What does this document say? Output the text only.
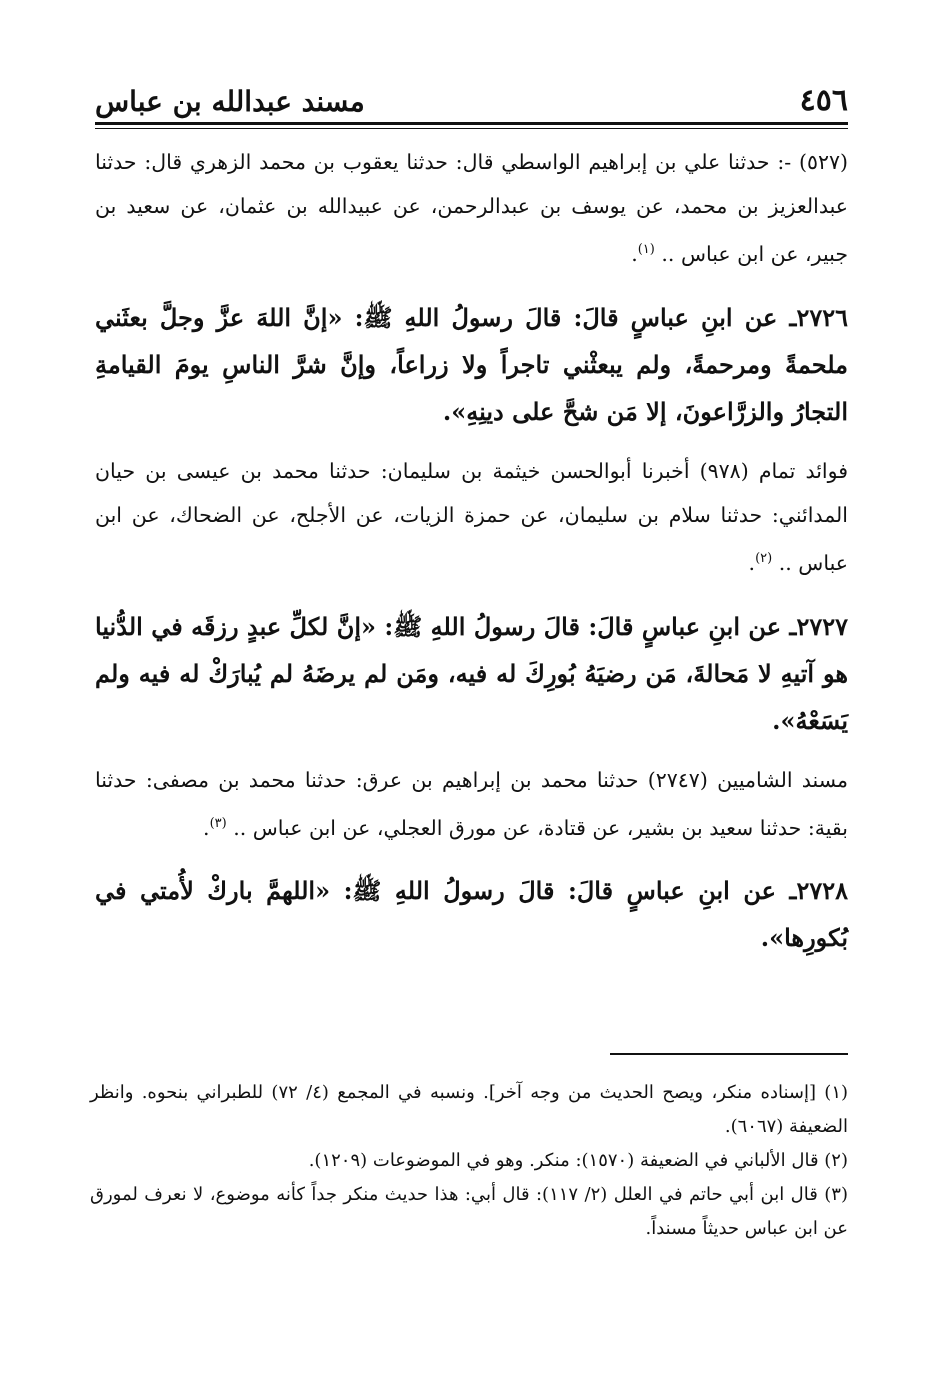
٤٥٦
مسند عبدالله بن عباس

(٥٢٧) -: حدثنا علي بن إبراهيم الواسطي قال: حدثنا يعقوب بن محمد الزهري قال: حدثنا عبدالعزيز بن محمد، عن يوسف بن عبدالرحمن، عن عبيدالله بن عثمان، عن سعيد بن جبير، عن ابن عباس .. $^{(١)}$.

٢٧٢٦ـ عن ابنِ عباسٍ قالَ: قالَ رسولُ اللهِ ﷺ: «إنَّ اللهَ عزَّ وجلَّ بعثَني ملحمةً ومرحمةً، ولم يبعثْني تاجراً ولا زراعاً، وإنَّ شرَّ الناسِ يومَ القيامةِ التجارُ والزرَّاعونَ، إلا مَن شحَّ على دينِهِ».

فوائد تمام (٩٧٨) أخبرنا أبوالحسن خيثمة بن سليمان: حدثنا محمد بن عيسى بن حيان المدائني: حدثنا سلام بن سليمان، عن حمزة الزيات، عن الأجلح، عن الضحاك، عن ابن عباس .. $^{(٢)}$.

٢٧٢٧ـ عن ابنِ عباسٍ قالَ: قالَ رسولُ اللهِ ﷺ: «إنَّ لكلِّ عبدٍ رزقَه في الدُّنيا هو آتيهِ لا مَحالةَ، مَن رضيَهُ بُورِكَ له فيه، ومَن لم يرضَهُ لم يُبارَكْ له فيه ولم يَسَعْهُ».

مسند الشاميين (٢٧٤٧) حدثنا محمد بن إبراهيم بن عرق: حدثنا محمد بن مصفى: حدثنا بقية: حدثنا سعيد بن بشير، عن قتادة، عن مورق العجلي، عن ابن عباس .. $^{(٣)}$.

٢٧٢٨ـ عن ابنِ عباسٍ قالَ: قالَ رسولُ اللهِ ﷺ: «اللهمَّ باركْ لأُمتي في بُكورِها».

(١) [إسناده منكر، ويصح الحديث من وجه آخر]. ونسبه في المجمع (٤/ ٧٢) للطبراني بنحوه. وانظر الضعيفة (٦٠٦٧).

(٢) قال الألباني في الضعيفة (١٥٧٠): منكر. وهو في الموضوعات (١٢٠٩).

(٣) قال ابن أبي حاتم في العلل (٢/ ١١٧): قال أبي: هذا حديث منكر جداً كأنه موضوع، لا نعرف لمورق عن ابن عباس حديثاً مسنداً.
